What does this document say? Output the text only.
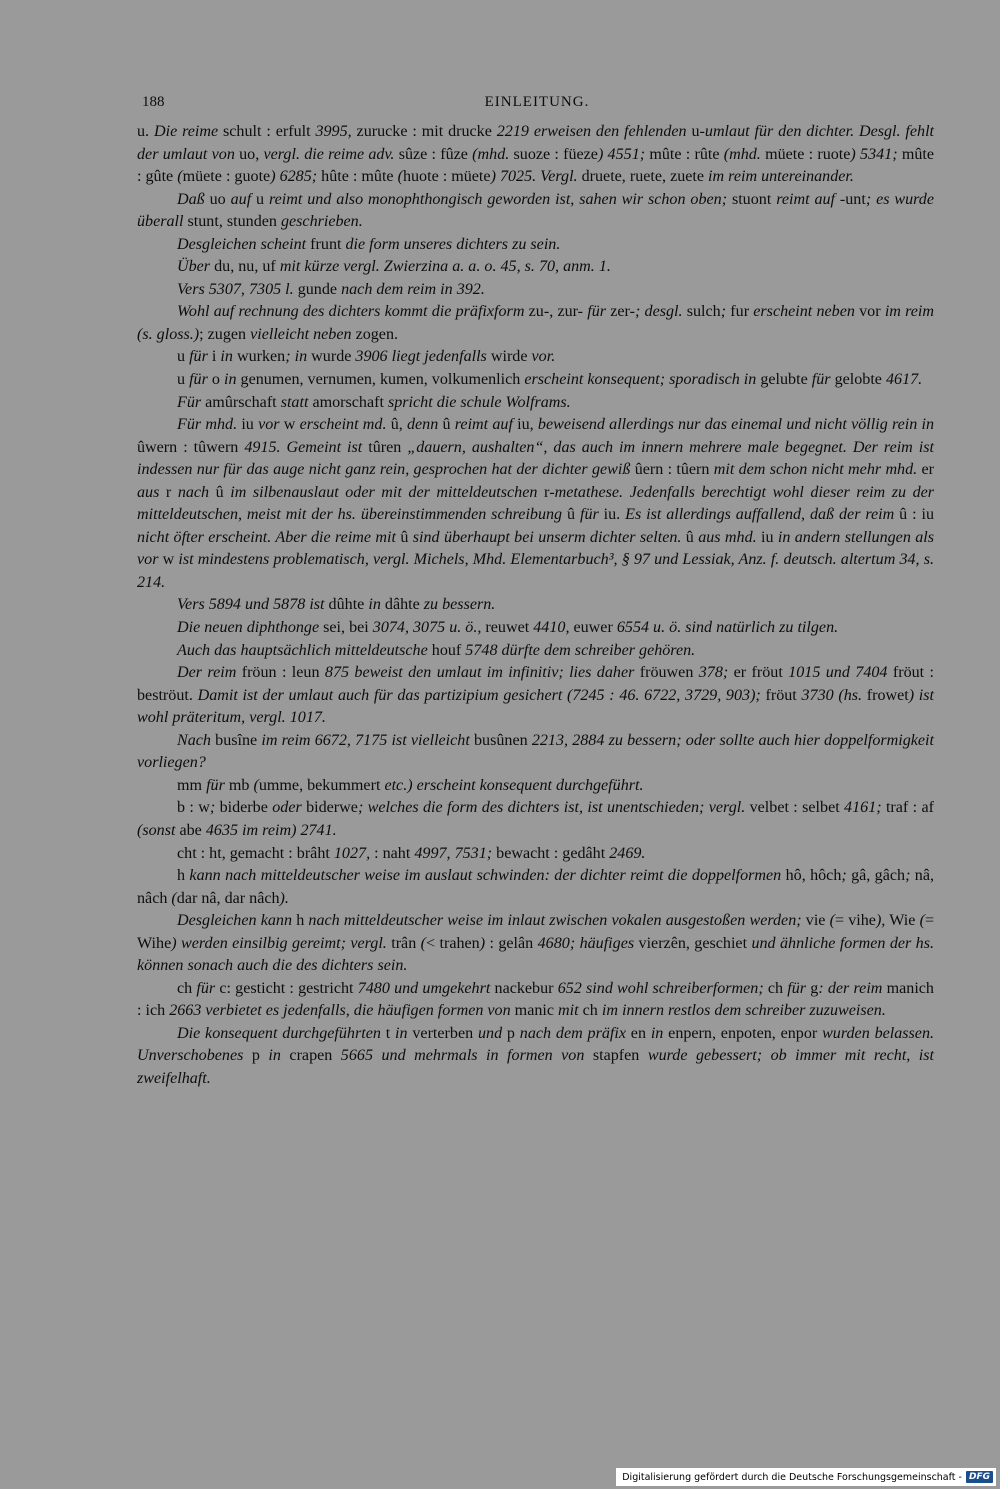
188	EINLEITUNG.

u. Die reime schult : erfult 3995, zurucke : mit drucke 2219 erweisen den fehlenden u-umlaut für den dichter. Desgl. fehlt der umlaut von uo, vergl. die reime adv. sûze : fûze (mhd. suoze : füeze) 4551; mûte : rûte (mhd. müete : ruote) 5341; mûte : gûte (müete : guote) 6285; hûte : mûte (huote : müete) 7025. Vergl. druete, ruete, zuete im reim untereinander.

Daß uo auf u reimt und also monophthongisch geworden ist, sahen wir schon oben; stuont reimt auf -unt; es wurde überall stunt, stunden geschrieben.

Desgleichen scheint frunt die form unseres dichters zu sein.

Über du, nu, uf mit kürze vergl. Zwierzina a. a. o. 45, s. 70, anm. 1.

Vers 5307, 7305 l. gunde nach dem reim in 392.

Wohl auf rechnung des dichters kommt die präfixform zu-, zur- für zer-; desgl. sulch; fur erscheint neben vor im reim (s. gloss.); zugen vielleicht neben zogen.

u für i in wurken; in wurde 3906 liegt jedenfalls wirde vor.

u für o in genumen, vernumen, kumen, volkumenlich erscheint konsequent; sporadisch in gelubte für gelobte 4617.

Für amûrschaft statt amorschaft spricht die schule Wolframs.

Für mhd. iu vor w erscheint md. û, denn û reimt auf iu, beweisend allerdings nur das einemal und nicht völlig rein in ûwern : tûwern 4915. Gemeint ist tûren „dauern, aushalten“, das auch im innern mehrere male begegnet. Der reim ist indessen nur für das auge nicht ganz rein, gesprochen hat der dichter gewiß ûern : tûern mit dem schon nicht mehr mhd. er aus r nach û im silbenauslaut oder mit der mitteldeutschen r-metathese. Jedenfalls berechtigt wohl dieser reim zu der mitteldeutschen, meist mit der hs. übereinstimmenden schreibung û für iu. Es ist allerdings auffallend, daß der reim û : iu nicht öfter erscheint. Aber die reime mit û sind überhaupt bei unserm dichter selten. û aus mhd. iu in andern stellungen als vor w ist mindestens problematisch, vergl. Michels, Mhd. Elementarbuch³, § 97 und Lessiak, Anz. f. deutsch. altertum 34, s. 214.

Vers 5894 und 5878 ist dûhte in dâhte zu bessern.

Die neuen diphthonge sei, bei 3074, 3075 u. ö., reuwet 4410, euwer 6554 u. ö. sind natürlich zu tilgen.

Auch das hauptsächlich mitteldeutsche houf 5748 dürfte dem schreiber gehören.

Der reim fröun : leun 875 beweist den umlaut im infinitiv; lies daher fröuwen 378; er fröut 1015 und 7404 fröut : beströut. Damit ist der umlaut auch für das partizipium gesichert (7245 : 46. 6722, 3729, 903); fröut 3730 (hs. frowet) ist wohl präteritum, vergl. 1017.

Nach busîne im reim 6672, 7175 ist vielleicht busûnen 2213, 2884 zu bessern; oder sollte auch hier doppelformigkeit vorliegen?

mm für mb (umme, bekummert etc.) erscheint konsequent durchgeführt.

b : w; biderbe oder biderwe; welches die form des dichters ist, ist unentschieden; vergl. velbet : selbet 4161; traf : af (sonst abe 4635 im reim) 2741.

cht : ht, gemacht : brâht 1027, : naht 4997, 7531; bewacht : gedâht 2469.

h kann nach mitteldeutscher weise im auslaut schwinden: der dichter reimt die doppelformen hô, hôch; gâ, gâch; nâ, nâch (dar nâ, dar nâch).

Desgleichen kann h nach mitteldeutscher weise im inlaut zwischen vokalen ausgestoßen werden; vie (= vihe), Wie (= Wihe) werden einsilbig gereimt; vergl. trân (< trahen) : gelân 4680; häufiges vierzên, geschiet und ähnliche formen der hs. können sonach auch die des dichters sein.

ch für c: gesticht : gestricht 7480 und umgekehrt nackebur 652 sind wohl schreiberformen; ch für g: der reim manich : ich 2663 verbietet es jedenfalls, die häufigen formen von manic mit ch im innern restlos dem schreiber zuzuweisen.

Die konsequent durchgeführten t in verterben und p nach dem präfix en in enpern, enpoten, enpor wurden belassen. Unverschobenes p in crapen 5665 und mehrmals in formen von stapfen wurde gebessert; ob immer mit recht, ist zweifelhaft.

Digitalisierung gefördert durch die Deutsche Forschungsgemeinschaft - DFG
